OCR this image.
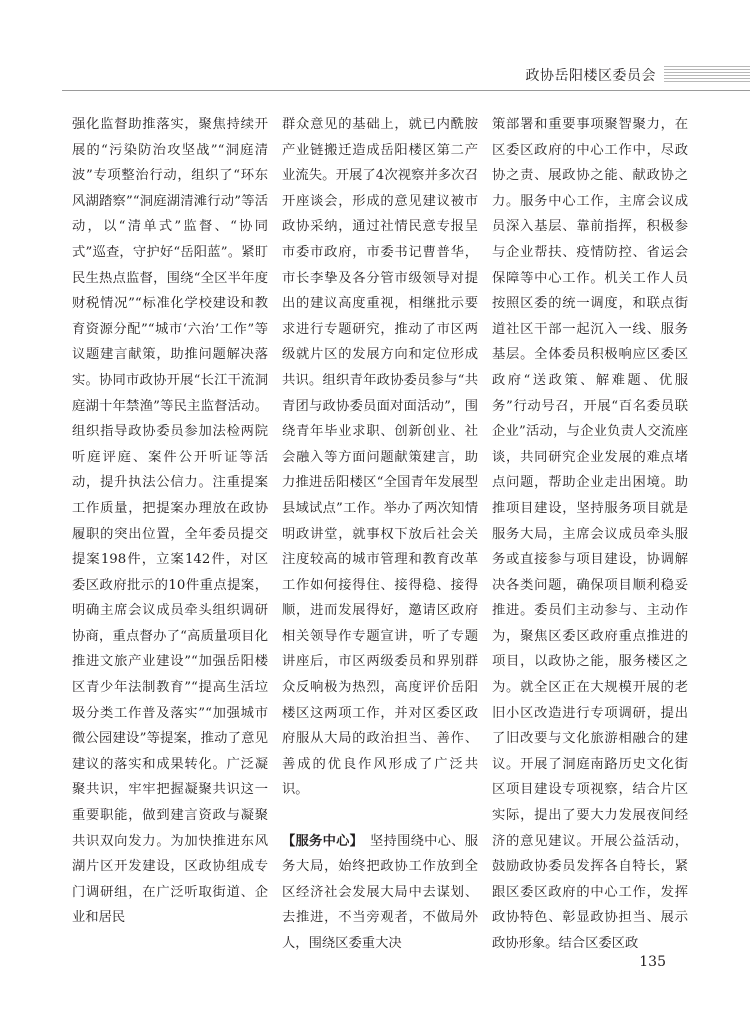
政协岳阳楼区委员会

强化监督助推落实，聚焦持续开展的“污染防治攻坚战”“洞庭清波”专项整治行动，组织了“环东风湖踏察”“洞庭湖清滩行动”等活动，以“清单式”监督、“协同式”巡查，守护好“岳阳蓝”。紧盯民生热点监督，围绕“全区半年度财税情况”“标准化学校建设和教育资源分配”“城市‘六治’工作”等议题建言献策，助推问题解决落实。协同市政协开展“长江干流洞庭湖十年禁渔”等民主监督活动。组织指导政协委员参加法检两院听庭评庭、案件公开听证等活动，提升执法公信力。注重提案工作质量，把提案办理放在政协履职的突出位置，全年委员提交提案198件，立案142件，对区委区政府批示的10件重点提案，明确主席会议成员牵头组织调研协商，重点督办了“高质量项目化推进文旅产业建设”“加强岳阳楼区青少年法制教育”“提高生活垃圾分类工作普及落实”“加强城市微公园建设”等提案，推动了意见建议的落实和成果转化。广泛凝聚共识，牢牢把握凝聚共识这一重要职能，做到建言资政与凝聚共识双向发力。为加快推进东风湖片区开发建设，区政协组成专门调研组，在广泛听取街道、企业和居民

群众意见的基础上，就已内酰胺产业链搬迁造成岳阳楼区第二产业流失。开展了4次视察并多次召开座谈会，形成的意见建议被市政协采纳，通过社情民意专报呈市委市政府，市委书记曹普华，市长李挚及各分管市级领导对提出的建议高度重视，相继批示要求进行专题研究，推动了市区两级就片区的发展方向和定位形成共识。组织青年政协委员参与“共青团与政协委员面对面活动”，围绕青年毕业求职、创新创业、社会融入等方面问题献策建言，助力推进岳阳楼区“全国青年发展型县域试点”工作。举办了两次知情明政讲堂，就事权下放后社会关注度较高的城市管理和教育改革工作如何接得住、接得稳、接得顺，进而发展得好，邀请区政府相关领导作专题宣讲，听了专题讲座后，市区两级委员和界别群众反响极为热烈，高度评价岳阳楼区这两项工作，并对区委区政府服从大局的政治担当、善作、善成的优良作风形成了广泛共识。

【服务中心】　 坚持围绕中心、服务大局，始终把政协工作放到全区经济社会发展大局中去谋划、去推进，不当旁观者，不做局外人，围绕区委重大决

策部署和重要事项聚智聚力，在区委区政府的中心工作中，尽政协之责、展政协之能、献政协之力。服务中心工作，主席会议成员深入基层、靠前指挥，积极参与企业帮扶、疫情防控、省运会保障等中心工作。机关工作人员按照区委的统一调度，和联点街道社区干部一起沉入一线、服务基层。全体委员积极响应区委区政府“送政策、解难题、优服务”行动号召，开展“百名委员联企业”活动，与企业负责人交流座谈，共同研究企业发展的难点堵点问题，帮助企业走出困境。助推项目建设，坚持服务项目就是服务大局，主席会议成员牵头服务或直接参与项目建设，协调解决各类问题，确保项目顺利稳妥推进。委员们主动参与、主动作为，聚焦区委区政府重点推进的项目，以政协之能，服务楼区之为。就全区正在大规模开展的老旧小区改造进行专项调研，提出了旧改要与文化旅游相融合的建议。开展了洞庭南路历史文化街区项目建设专项视察，结合片区实际，提出了要大力发展夜间经济的意见建议。开展公益活动，鼓励政协委员发挥各自特长，紧跟区委区政府的中心工作，发挥政协特色、彰显政协担当、展示政协形象。结合区委区政

135
